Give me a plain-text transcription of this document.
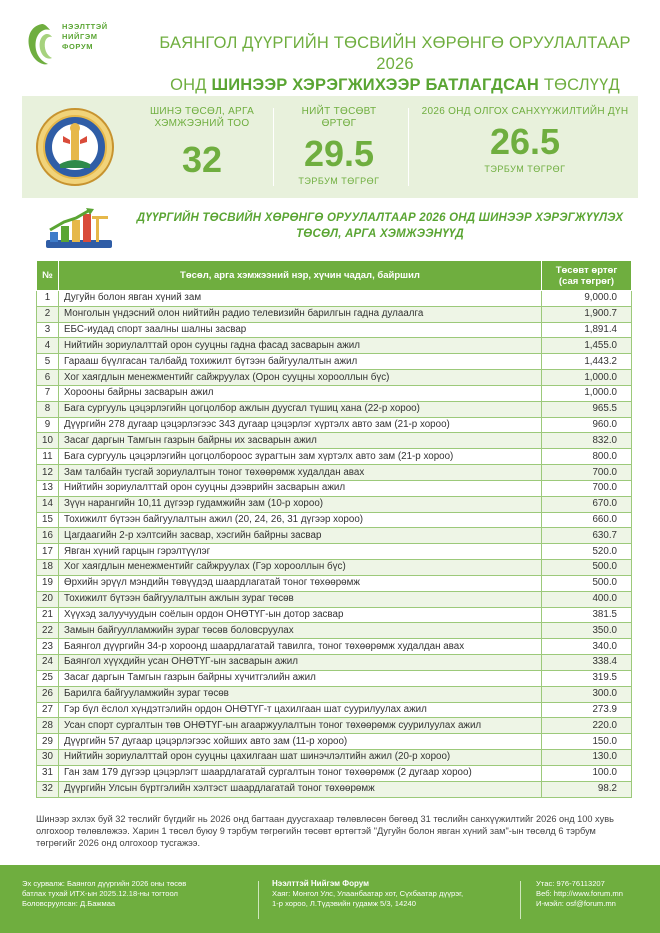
НЭЭЛТТЭЙ
НИЙГЭМ
ФОРУМ	БАЯНГОЛ ДҮҮРГИЙН ТӨСВИЙН ХӨРӨНГӨ ОРУУЛАЛТААР 2026
ОНД ШИНЭЭР ХЭРЭГЖИХЭЭР БАТЛАГДСАН ТӨСЛҮҮД
ШИНЭ ТӨСӨЛ, АРГА ХЭМЖЭЭНИЙ ТОО
32
НИЙТ ТӨСӨВТ ӨРТӨГ
29.5
ТЭРБУМ ТӨГРӨГ
2026 ОНД ОЛГОХ САНХҮҮЖИЛТИЙН ДҮН
26.5
ТЭРБУМ ТӨГРӨГ
ДҮҮРГИЙН ТӨСВИЙН ХӨРӨНГӨ ОРУУЛАЛТААР 2026 ОНД ШИНЭЭР ХЭРЭГЖҮҮЛЭХ ТӨСӨЛ, АРГА ХЭМЖЭЭНҮҮД
№	Төсөл, арга хэмжээний нэр, хүчин чадал, байршил	Төсөвт өртөг
(сая төгрөг)

1	Дугуйн болон явган хүний зам	9,000.0
2	Монголын үндэсний олон нийтийн радио телевизийн барилгын гадна дулаалга	1,900.7
3	ЕБС-иудад спорт заалны шалны засвар	1,891.4
4	Нийтийн зориулалттай орон сууцны гадна фасад засварын ажил	1,455.0
5	Гарааш бүүлгасан талбайд тохижилт бүтээн байгуулалтын ажил	1,443.2
6	Хог хаягдлын менежментийг сайжруулах (Орон сууцны хорооллын бүс)	1,000.0
7	Хорооны байрны засварын ажил	1,000.0
8	Бага сургууль цэцэрлэгийн цогцолбор ажлын дуусгал түшиц хана (22-р хороо)	965.5
9	Дүүргийн 278 дугаар цэцэрлэгээс 343 дугаар цэцэрлэг хүртэлх авто зам (21-р хороо)	960.0
10	Засаг даргын Тамгын газрын байрны их засварын ажил	832.0
11	Бага сургууль цэцэрлэгийн цогцолбороос зүрагтын зам хүртэлх авто зам (21-р хороо)	800.0
12	Зам талбайн тусгай зориулалтын тоног төхөөрөмж худалдан авах	700.0
13	Нийтийн зориулалттай орон сууцны дээврийн засварын ажил	700.0
14	Зүүн нарангийн 10,11 дүгээр гудамжийн зам (10-р хороо)	670.0
15	Тохижилт бүтээн байгуулалтын ажил (20, 24, 26, 31 дүгээр хороо)	660.0
16	Цагдаагийн 2-р хэлтсийн засвар, хэсгийн байрны засвар	630.7
17	Явган хүний гарцын гэрэлтүүлэг	520.0
18	Хог хаягдлын менежментийг сайжруулах (Гэр хорооллын бүс)	500.0
19	Өрхийн эрүүл мэндийн төвүүдэд шаардлагатай тоног төхөөрөмж	500.0
20	Тохижилт бүтээн байгуулалтын ажлын зураг төсөв	400.0
21	Хүүхэд залуучуудын соёлын ордон ОНӨТҮГ-ын дотор засвар	381.5
22	Замын байгуулламжийн зураг төсөв боловсруулах	350.0
23	Баянгол дүүргийн 34-р хороонд шаардлагатай тавилга, тоног төхөөрөмж худалдан авах	340.0
24	Баянгол хүүхдийн усан ОНӨТҮГ-ын засварын ажил	338.4
25	Засаг даргын Тамгын газрын байрны хүчитгэлийн ажил	319.5
26	Барилга байгууламжийн зураг төсөв	300.0
27	Гэр бүл ёслол хүндэтгэлийн ордон ОНӨТҮГ-т цахилгаан шат суурилуулах ажил	273.9
28	Усан спорт сургалтын төв ОНӨТҮГ-ын агааржуулалтын тоног төхөөрөмж суурилуулах ажил	220.0
29	Дүүргийн 57 дугаар цэцэрлэгээс хойших авто зам (11-р хороо)	150.0
30	Нийтийн зориулалттай орон сууцны цахилгаан шат шинэчлэлтийн ажил (20-р хороо)	130.0
31	Ган зам 179 дүгээр цэцэрлэгт шаардлагатай сургалтын тоног төхөөрөмж (2 дугаар хороо)	100.0
32	Дүүргийн Улсын бүртгэлийн хэлтэст шаардлагатай тоног төхөөрөмж	98.2
Шинээр эхлэх буй 32 төслийг бүгдийг нь 2026 онд багтаан дуусгахаар төлөвлөсөн бөгөөд 31 төслийн санхүүжилтийг 2026 онд 100 хувь олгохоор төлөвлөжээ. Харин 1 төсөл буюу 9 тэрбум төгрөгийн төсөвт өртөгтэй "Дугуйн болон явган хүний зам"-ын төсөлд 6 тэрбум төгрөгийг 2026 онд олгохоор тусгажээ.
Эх сурвалж: Баянгол дүүргийн 2026 оны төсөв
батлах тухай ИТХ-ын 2025.12.18-ны тогтоол
Боловсруулсан: Д.Бажмаа
Нээлттэй Нийгэм Форум
Хаяг: Монгол Улс, Улаанбаатар хот, Сүхбаатар дүүрэг,
1-р хороо, Л.Түдэвийн гудамж 5/3, 14240
Утас: 976-76113207
Веб: http://www.forum.mn
И-мэйл: osf@forum.mn
